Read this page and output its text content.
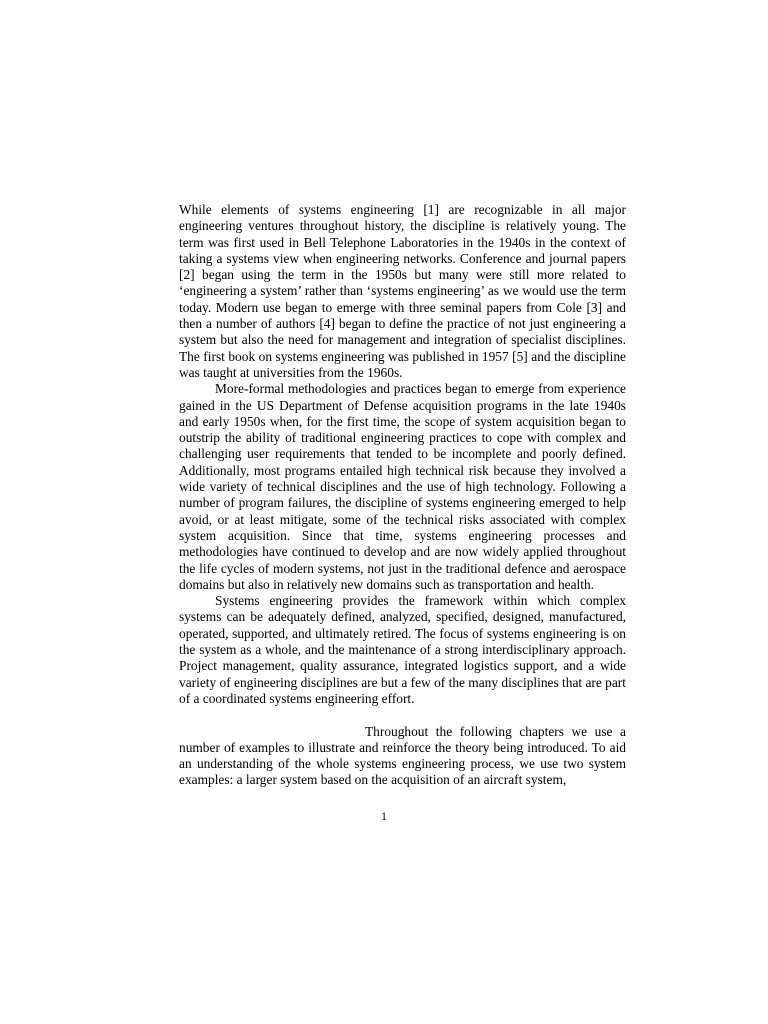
While elements of systems engineering [1] are recognizable in all major engineering ventures throughout history, the discipline is relatively young. The term was first used in Bell Telephone Laboratories in the 1940s in the context of taking a systems view when engineering networks. Conference and journal papers [2] began using the term in the 1950s but many were still more related to ‘engineering a system’ rather than ‘systems engineering’ as we would use the term today. Modern use began to emerge with three seminal papers from Cole [3] and then a number of authors [4] began to define the practice of not just engineering a system but also the need for management and integration of specialist disciplines. The first book on systems engineering was published in 1957 [5] and the discipline was taught at universities from the 1960s.

More-formal methodologies and practices began to emerge from experience gained in the US Department of Defense acquisition programs in the late 1940s and early 1950s when, for the first time, the scope of system acquisition began to outstrip the ability of traditional engineering practices to cope with complex and challenging user requirements that tended to be incomplete and poorly defined. Additionally, most programs entailed high technical risk because they involved a wide variety of technical disciplines and the use of high technology. Following a number of program failures, the discipline of systems engineering emerged to help avoid, or at least mitigate, some of the technical risks associated with complex system acquisition. Since that time, systems engineering processes and methodologies have continued to develop and are now widely applied throughout the life cycles of modern systems, not just in the traditional defence and aerospace domains but also in relatively new domains such as transportation and health.

Systems engineering provides the framework within which complex systems can be adequately defined, analyzed, specified, designed, manufactured, operated, supported, and ultimately retired. The focus of systems engineering is on the system as a whole, and the maintenance of a strong interdisciplinary approach. Project management, quality assurance, integrated logistics support, and a wide variety of engineering disciplines are but a few of the many disciplines that are part of a coordinated systems engineering effort.

Throughout the following chapters we use a number of examples to illustrate and reinforce the theory being introduced. To aid an understanding of the whole systems engineering process, we use two system examples: a larger system based on the acquisition of an aircraft system,

1
